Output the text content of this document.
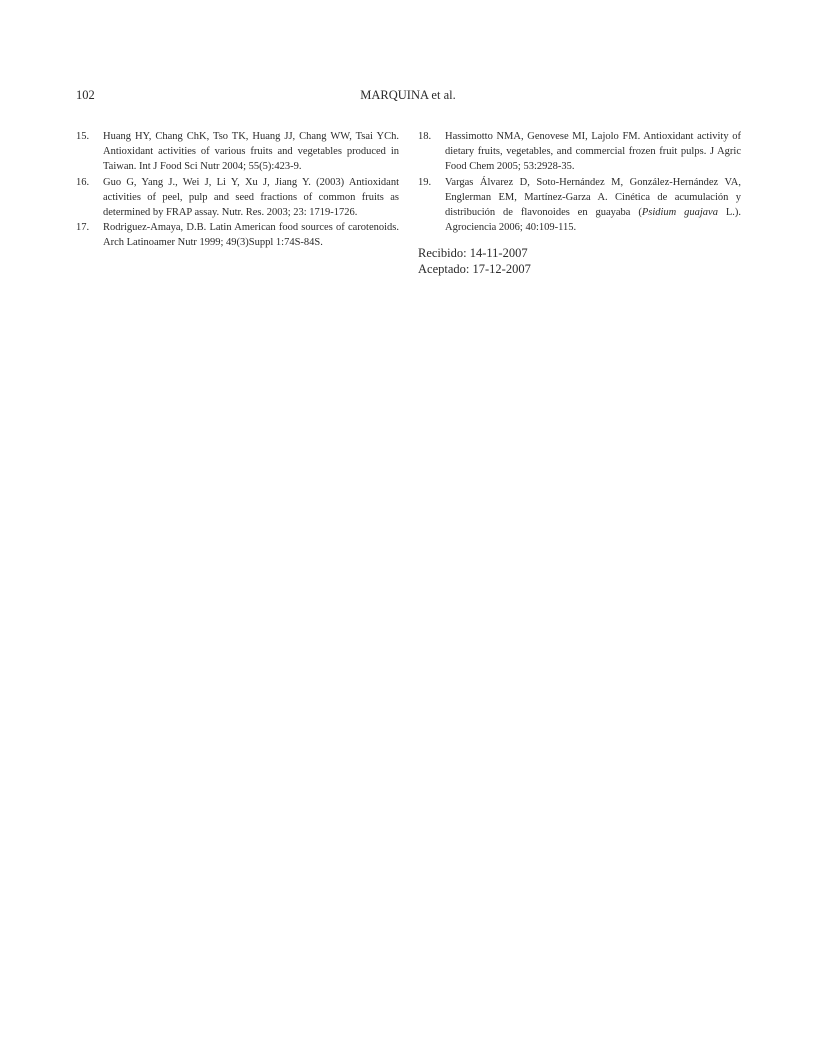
102	MARQUINA et al.

15. Huang HY, Chang ChK, Tso TK, Huang JJ, Chang WW, Tsai YCh. Antioxidant activities of various fruits and vegetables produced in Taiwan. Int J Food Sci Nutr 2004; 55(5):423-9.

16. Guo G, Yang J., Wei J, Li Y, Xu J, Jiang Y. (2003) Antioxidant activities of peel, pulp and seed fractions of common fruits as determined by FRAP assay. Nutr. Res. 2003; 23: 1719-1726.

17. Rodriguez-Amaya, D.B. Latin American food sources of carotenoids. Arch Latinoamer Nutr 1999; 49(3)Suppl 1:74S-84S.

18. Hassimotto NMA, Genovese MI, Lajolo FM. Antioxidant activity of dietary fruits, vegetables, and commercial frozen fruit pulps. J Agric Food Chem 2005; 53:2928-35.

19. Vargas Álvarez D, Soto-Hernández M, González-Hernández VA, Englerman EM, Martínez-Garza A. Cinética de acumulación y distribución de flavonoides en guayaba (Psidium guajava L.). Agrociencia 2006; 40:109-115.

Recibido: 14-11-2007
Aceptado: 17-12-2007
